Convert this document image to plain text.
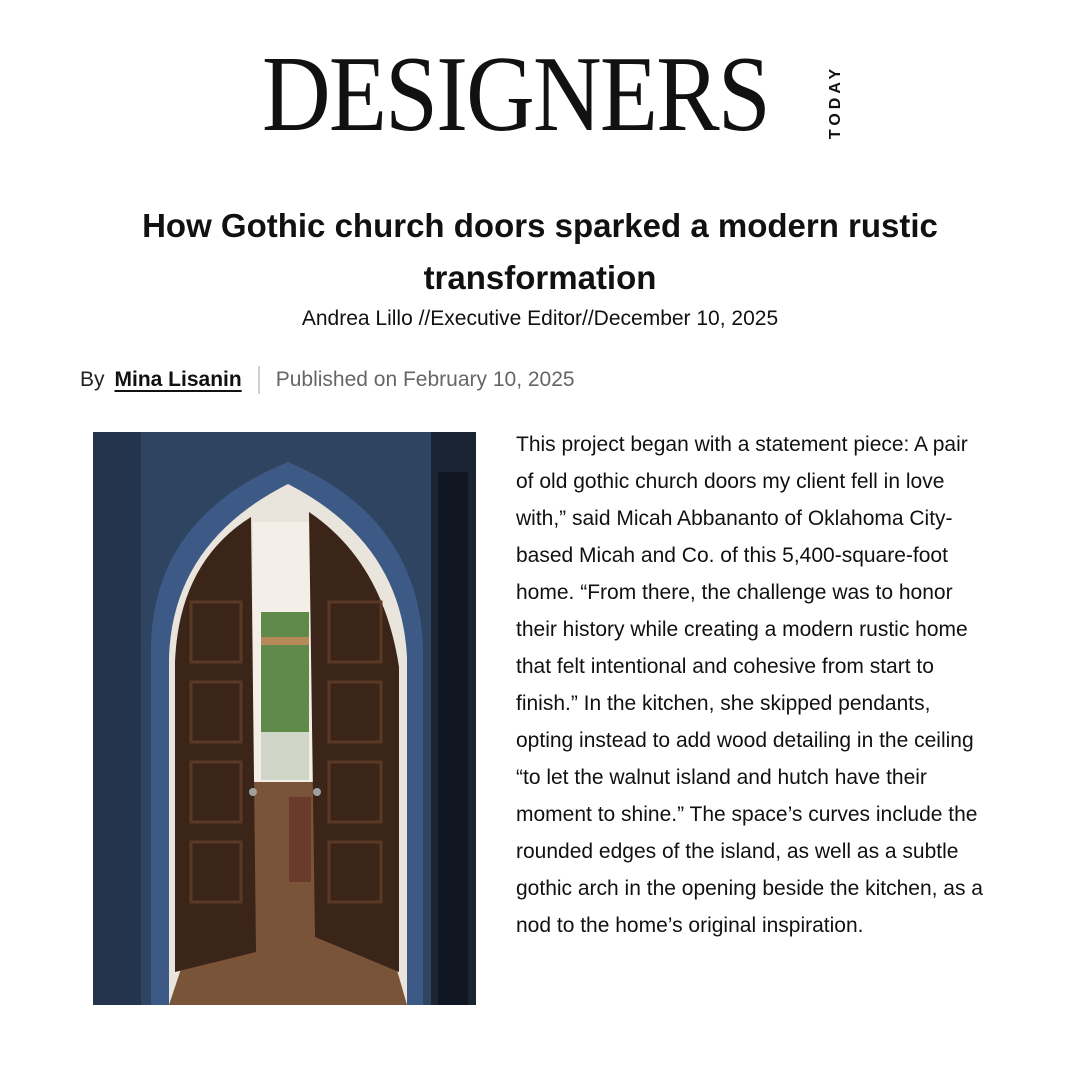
DESIGNERS	TODAY
How Gothic church doors sparked a modern rustic transformation
Andrea Lillo //Executive Editor//December 10, 2025
By Mina Lisanin Published on February 10, 2025

This project began with a statement piece: A pair of old gothic church doors my client fell in love with,” said Micah Abbananto of Oklahoma City-based Micah and Co. of this 5,400-square-foot home. “From there, the challenge was to honor their history while creating a modern rustic home that felt intentional and cohesive from start to finish.” In the kitchen, she skipped pendants, opting instead to add wood detailing in the ceiling “to let the walnut island and hutch have their moment to shine.” The space’s curves include the rounded edges of the island, as well as a subtle gothic arch in the opening beside the kitchen, as a nod to the home’s original inspiration.
